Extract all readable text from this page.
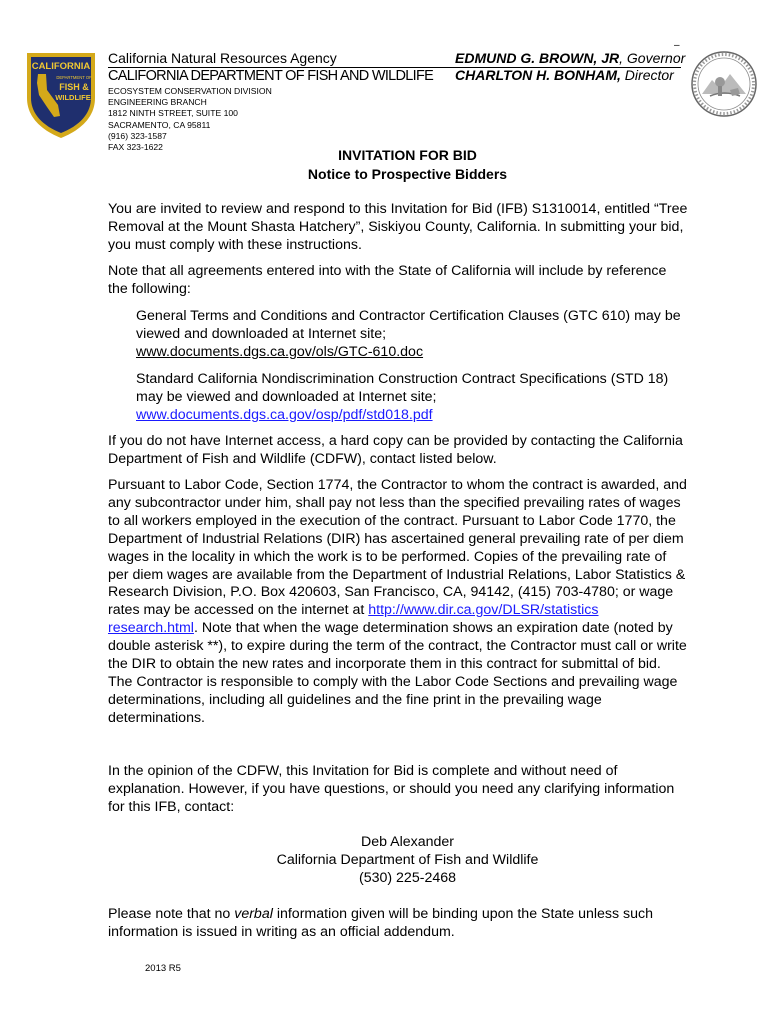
CALIFORNIA
DEPARTMENT OF
FISH &
WILDLIFE
–
California Natural Resources Agency
CALIFORNIA DEPARTMENT OF FISH AND WILDLIFE
EDMUND G. BROWN, JR, Governor
CHARLTON H. BONHAM, Director
ECOSYSTEM CONSERVATION DIVISION
ENGINEERING BRANCH
1812 NINTH STREET, SUITE 100
SACRAMENTO, CA 95811
(916) 323-1587
FAX 323-1622	INVITATION FOR BID
Notice to Prospective Bidders
You are invited to review and respond to this Invitation for Bid (IFB) S1310014, entitled “Tree Removal at the Mount Shasta Hatchery”, Siskiyou County, California. In submitting your bid, you must comply with these instructions.
Note that all agreements entered into with the State of California will include by reference the following:
General Terms and Conditions and Contractor Certification Clauses (GTC 610) may be viewed and downloaded at Internet site;
www.documents.dgs.ca.gov/ols/GTC-610.doc
Standard California Nondiscrimination Construction Contract Specifications (STD 18) may be viewed and downloaded at Internet site;
www.documents.dgs.ca.gov/osp/pdf/std018.pdf
If you do not have Internet access, a hard copy can be provided by contacting the California Department of Fish and Wildlife (CDFW), contact listed below.
Pursuant to Labor Code, Section 1774, the Contractor to whom the contract is awarded, and any subcontractor under him, shall pay not less than the specified prevailing rates of wages to all workers employed in the execution of the contract. Pursuant to Labor Code 1770, the Department of Industrial Relations (DIR) has ascertained general prevailing rate of per diem wages in the locality in which the work is to be performed. Copies of the prevailing rate of per diem wages are available from the Department of Industrial Relations, Labor Statistics & Research Division, P.O. Box 420603, San Francisco, CA, 94142, (415) 703-4780; or wage rates may be accessed on the internet at http://www.dir.ca.gov/DLSR/statistics research.html. Note that when the wage determination shows an expiration date (noted by double asterisk **), to expire during the term of the contract, the Contractor must call or write the DIR to obtain the new rates and incorporate them in this contract for submittal of bid. The Contractor is responsible to comply with the Labor Code Sections and prevailing wage determinations, including all guidelines and the fine print in the prevailing wage determinations.
In the opinion of the CDFW, this Invitation for Bid is complete and without need of explanation. However, if you have questions, or should you need any clarifying information for this IFB, contact:
Deb Alexander
California Department of Fish and Wildlife
(530) 225-2468
Please note that no verbal information given will be binding upon the State unless such information is issued in writing as an official addendum.
2013 R5
